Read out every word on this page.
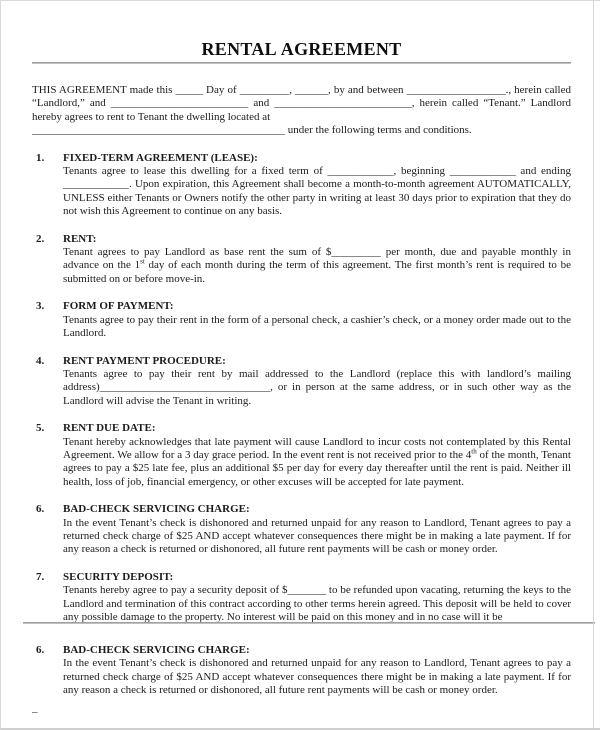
RENTAL AGREEMENT

THIS AGREEMENT made this _____ Day of _________, ______, by and between __________________., herein called “Landlord,” and _________________________ and _________________________, herein called “Tenant.” Landlord hereby agrees to rent to Tenant the dwelling located at
______________________________________________ under the following terms and conditions.

1.	FIXED-TERM AGREEMENT (LEASE):
Tenants agree to lease this dwelling for a fixed term of ____________, beginning ____________ and ending ____________. Upon expiration, this Agreement shall become a month-to-month agreement AUTOMATICALLY, UNLESS either Tenants or Owners notify the other party in writing at least 30 days prior to expiration that they do not wish this Agreement to continue on any basis.
2.	RENT:
Tenant agrees to pay Landlord as base rent the sum of $_________ per month, due and payable monthly in advance on the 1st day of each month during the term of this agreement. The first month’s rent is required to be submitted on or before move-in.
3.	FORM OF PAYMENT:
Tenants agree to pay their rent in the form of a personal check, a cashier’s check, or a money order made out to the Landlord.
4.	RENT PAYMENT PROCEDURE:
Tenants agree to pay their rent by mail addressed to the Landlord (replace this with landlord’s mailing address)_______________________________, or in person at the same address, or in such other way as the Landlord will advise the Tenant in writing.
5.	RENT DUE DATE:
Tenant hereby acknowledges that late payment will cause Landlord to incur costs not contemplated by this Rental Agreement. We allow for a 3 day grace period. In the event rent is not received prior to the 4th of the month, Tenant agrees to pay a $25 late fee, plus an additional $5 per day for every day thereafter until the rent is paid. Neither ill health, loss of job, financial emergency, or other excuses will be accepted for late payment.
6.	BAD-CHECK SERVICING CHARGE:
In the event Tenant’s check is dishonored and returned unpaid for any reason to Landlord, Tenant agrees to pay a returned check charge of $25 AND accept whatever consequences there might be in making a late payment. If for any reason a check is returned or dishonored, all future rent payments will be cash or money order.
7.	SECURITY DEPOSIT:
Tenants hereby agree to pay a security deposit of $_______ to be refunded upon vacating, returning the keys to the Landlord and termination of this contract according to other terms herein agreed. This deposit will be held to cover any possible damage to the property. No interest will be paid on this money and in no case will it be
6.	BAD-CHECK SERVICING CHARGE:
In the event Tenant’s check is dishonored and returned unpaid for any reason to Landlord, Tenant agrees to pay a returned check charge of $25 AND accept whatever consequences there might be in making a late payment. If for any reason a check is returned or dishonored, all future rent payments will be cash or money order.
–
